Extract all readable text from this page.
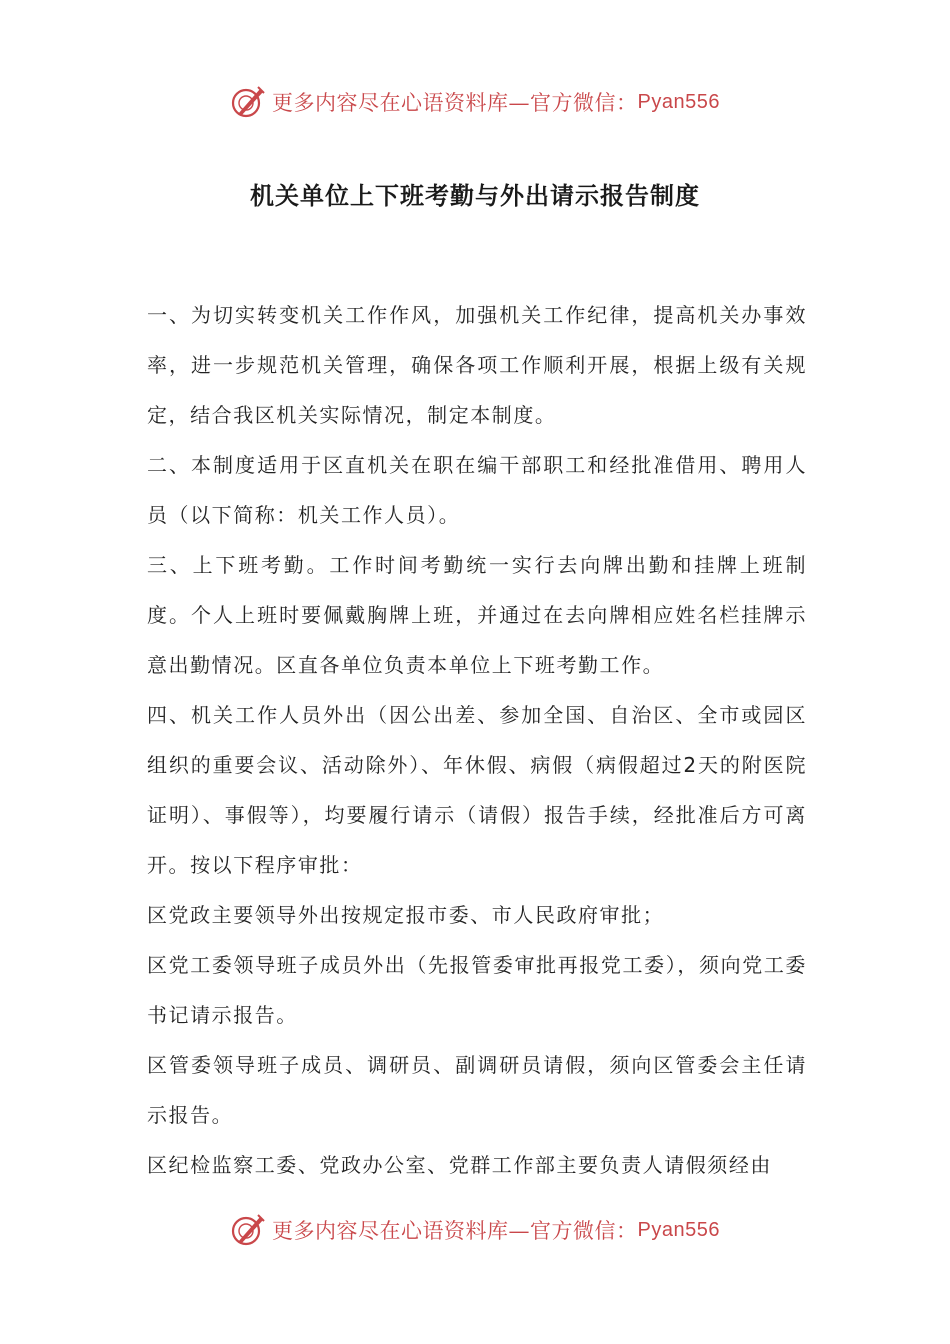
更多内容尽在心语资料库—官方微信： Pyan556
机关单位上下班考勤与外出请示报告制度

一、为切实转变机关工作作风，加强机关工作纪律，提高机关办事效率，进一步规范机关管理，确保各项工作顺利开展，根据上级有关规定，结合我区机关实际情况，制定本制度。

二、本制度适用于区直机关在职在编干部职工和经批准借用、聘用人员（以下简称：机关工作人员）。

三、上下班考勤。工作时间考勤统一实行去向牌出勤和挂牌上班制度。个人上班时要佩戴胸牌上班，并通过在去向牌相应姓名栏挂牌示意出勤情况。区直各单位负责本单位上下班考勤工作。

四、机关工作人员外出（因公出差、参加全国、自治区、全市或园区组织的重要会议、活动除外）、年休假、病假（病假超过2天的附医院证明）、事假等），均要履行请示（请假）报告手续，经批准后方可离开。按以下程序审批：

区党政主要领导外出按规定报市委、市人民政府审批；

区党工委领导班子成员外出（先报管委审批再报党工委），须向党工委书记请示报告。

区管委领导班子成员、调研员、副调研员请假，须向区管委会主任请示报告。

区纪检监察工委、党政办公室、党群工作部主要负责人请假须经由

更多内容尽在心语资料库—官方微信： Pyan556
